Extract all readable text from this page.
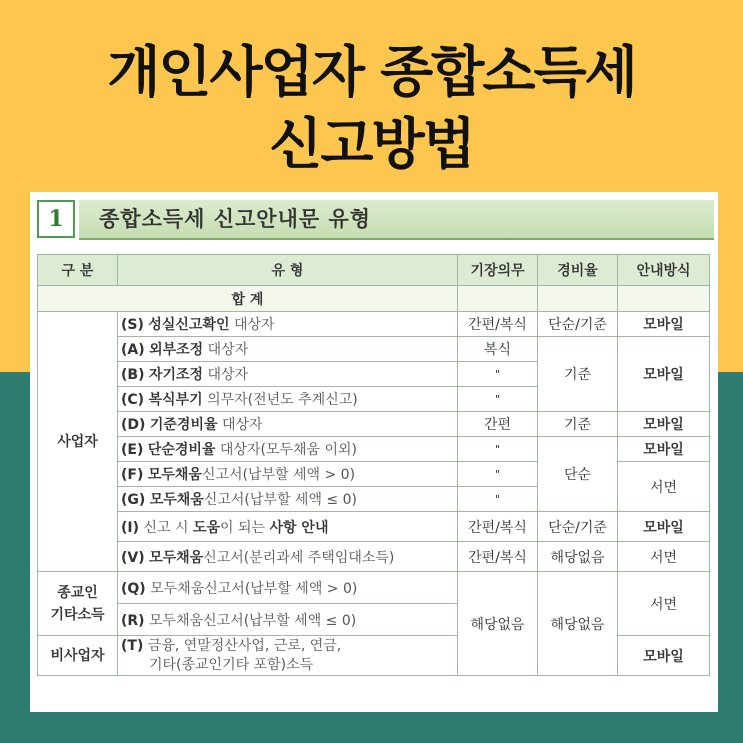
개인사업자 종합소득세
신고방법
1	종합소득세 신고안내문 유형
구 분	유 형	기장의무	경비율	안내방식
합 계				
사업자	(S) 성실신고확인 대상자	간편/복식	단순/기준	모바일
	(A) 외부조정 대상자	복식	기준	모바일
	(B) 자기조정 대상자	"		
	(C) 복식부기 의무자(전년도 추계신고)	"		
	(D) 기준경비율 대상자	간편	기준	모바일
	(E) 단순경비율 대상자(모두채움 이외)	"	단순	모바일
	(F) 모두채움신고서(납부할 세액 > 0)	"		서면
	(G) 모두채움신고서(납부할 세액 ≤ 0)	"		
	(I) 신고 시 도움이 되는 사항 안내	간편/복식	단순/기준	모바일
	(V) 모두채움신고서(분리과세 주택임대소득)	간편/복식	해당없음	서면
종교인
기타소득	(Q) 모두채움신고서(납부할 세액 > 0)	해당없음	해당없음	서면
	(R) 모두채움신고서(납부할 세액 ≤ 0)			
비사업자	(T) 금융, 연말정산사업, 근로, 연금,
기타(종교인기타 포함)소득			모바일
